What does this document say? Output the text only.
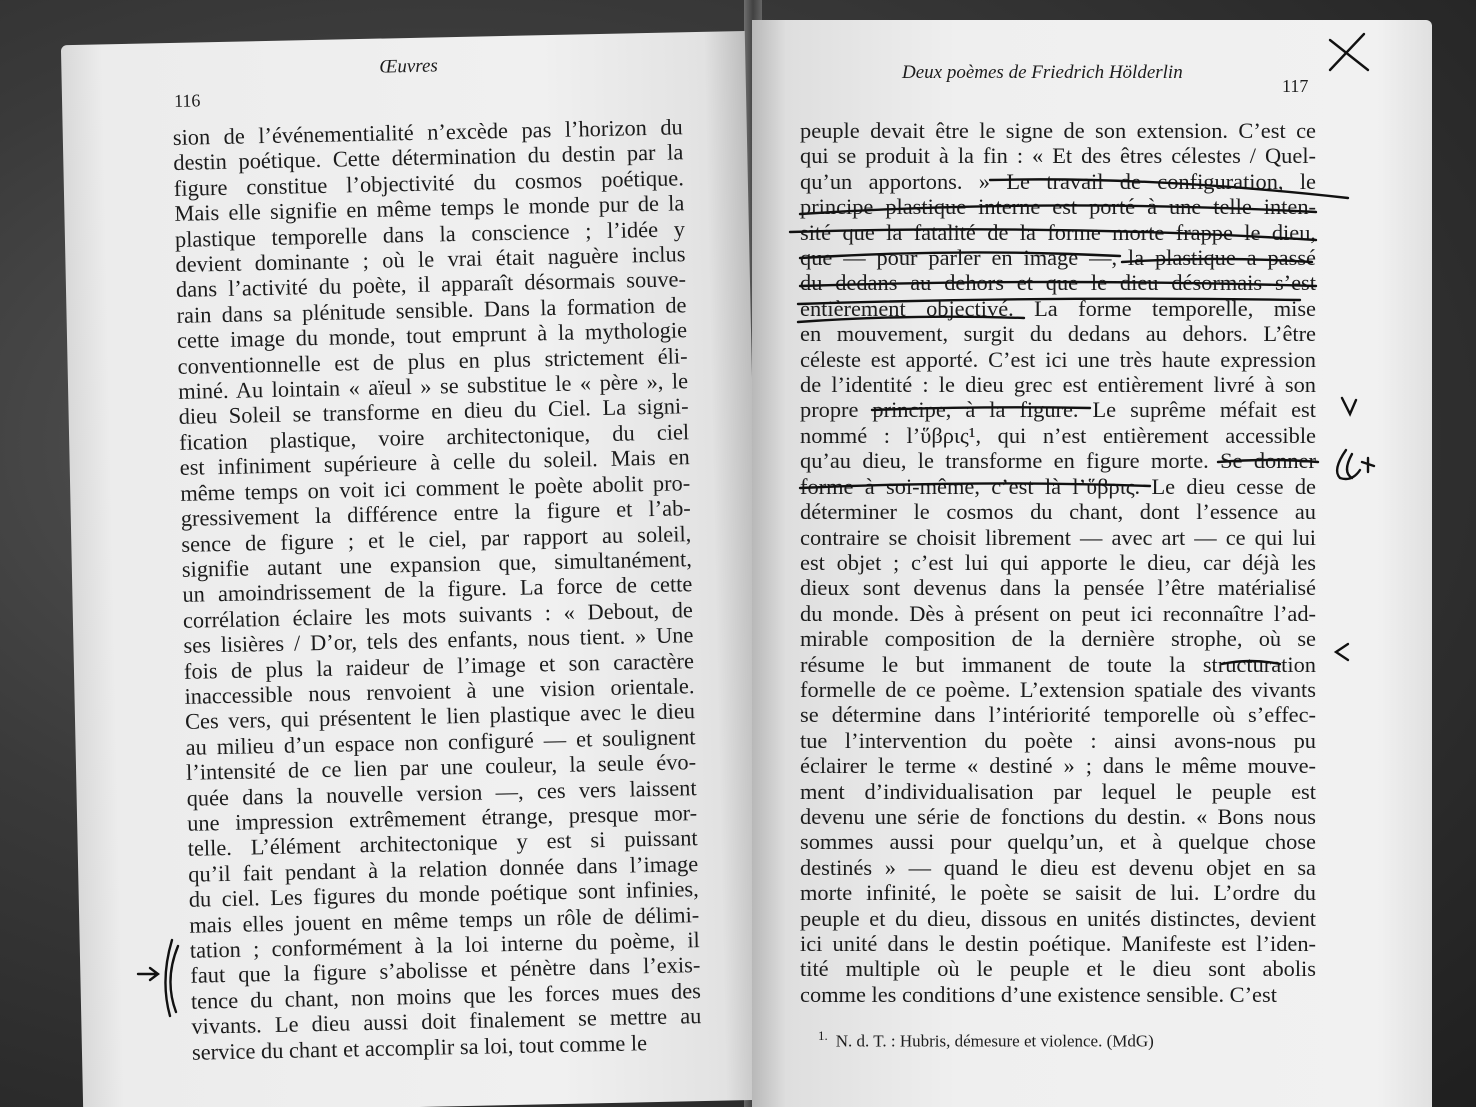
Œuvres
116
sion de l’événementialité n’excède pas l’horizon du
destin poétique. Cette détermination du destin par la
figure constitue l’objectivité du cosmos poétique.
Mais elle signifie en même temps le monde pur de la
plastique temporelle dans la conscience ; l’idée y
devient dominante ; où le vrai était naguère inclus
dans l’activité du poète, il apparaît désormais souve-
rain dans sa plénitude sensible. Dans la formation de
cette image du monde, tout emprunt à la mythologie
conventionnelle est de plus en plus strictement éli-
miné. Au lointain « aïeul » se substitue le « père », le
dieu Soleil se transforme en dieu du Ciel. La signi-
fication plastique, voire architectonique, du ciel
est infiniment supérieure à celle du soleil. Mais en
même temps on voit ici comment le poète abolit pro-
gressivement la différence entre la figure et l’ab-
sence de figure ; et le ciel, par rapport au soleil,
signifie autant une expansion que, simultanément,
un amoindrissement de la figure. La force de cette
corrélation éclaire les mots suivants : « Debout, de
ses lisières / D’or, tels des enfants, nous tient. » Une
fois de plus la raideur de l’image et son caractère
inaccessible nous renvoient à une vision orientale.
Ces vers, qui présentent le lien plastique avec le dieu
au milieu d’un espace non configuré — et soulignent
l’intensité de ce lien par une couleur, la seule évo-
quée dans la nouvelle version —, ces vers laissent
une impression extrêmement étrange, presque mor-
telle. L’élément architectonique y est si puissant
qu’il fait pendant à la relation donnée dans l’image
du ciel. Les figures du monde poétique sont infinies,
mais elles jouent en même temps un rôle de délimi-
tation ; conformément à la loi interne du poème, il
faut que la figure s’abolisse et pénètre dans l’exis-
tence du chant, non moins que les forces mues des
vivants. Le dieu aussi doit finalement se mettre au
service du chant et accomplir sa loi, tout comme le
Deux poèmes de Friedrich Hölderlin
117
peuple devait être le signe de son extension. C’est ce
qui se produit à la fin : « Et des êtres célestes / Quel-
qu’un apportons. » Le travail de configuration, le
principe plastique interne est porté à une telle inten-
sité que la fatalité de la forme morte frappe le dieu,
que — pour parler en image —, la plastique a passé
du dedans au dehors et que le dieu désormais s’est
entièrement objectivé. La forme temporelle, mise
en mouvement, surgit du dedans au dehors. L’être
céleste est apporté. C’est ici une très haute expression
de l’identité : le dieu grec est entièrement livré à son
propre principe, à la figure. Le suprême méfait est
nommé : l’ὕβρις¹, qui n’est entièrement accessible
qu’au dieu, le transforme en figure morte. Se donner
forme à soi-même, c’est là l’ὕβρις. Le dieu cesse de
déterminer le cosmos du chant, dont l’essence au
contraire se choisit librement — avec art — ce qui lui
est objet ; c’est lui qui apporte le dieu, car déjà les
dieux sont devenus dans la pensée l’être matérialisé
du monde. Dès à présent on peut ici reconnaître l’ad-
mirable composition de la dernière strophe, où se
résume le but immanent de toute la structuration
formelle de ce poème. L’extension spatiale des vivants
se détermine dans l’intériorité temporelle où s’effec-
tue l’intervention du poète : ainsi avons-nous pu
éclairer le terme « destiné » ; dans le même mouve-
ment d’individualisation par lequel le peuple est
devenu une série de fonctions du destin. « Bons nous
sommes aussi pour quelqu’un, et à quelque chose
destinés » — quand le dieu est devenu objet en sa
morte infinité, le poète se saisit de lui. L’ordre du
peuple et du dieu, dissous en unités distinctes, devient
ici unité dans le destin poétique. Manifeste est l’iden-
tité multiple où le peuple et le dieu sont abolis
comme les conditions d’une existence sensible. C’est
$^{1.}$ N. d. T. : Hubris, démesure et violence. (MdG)
